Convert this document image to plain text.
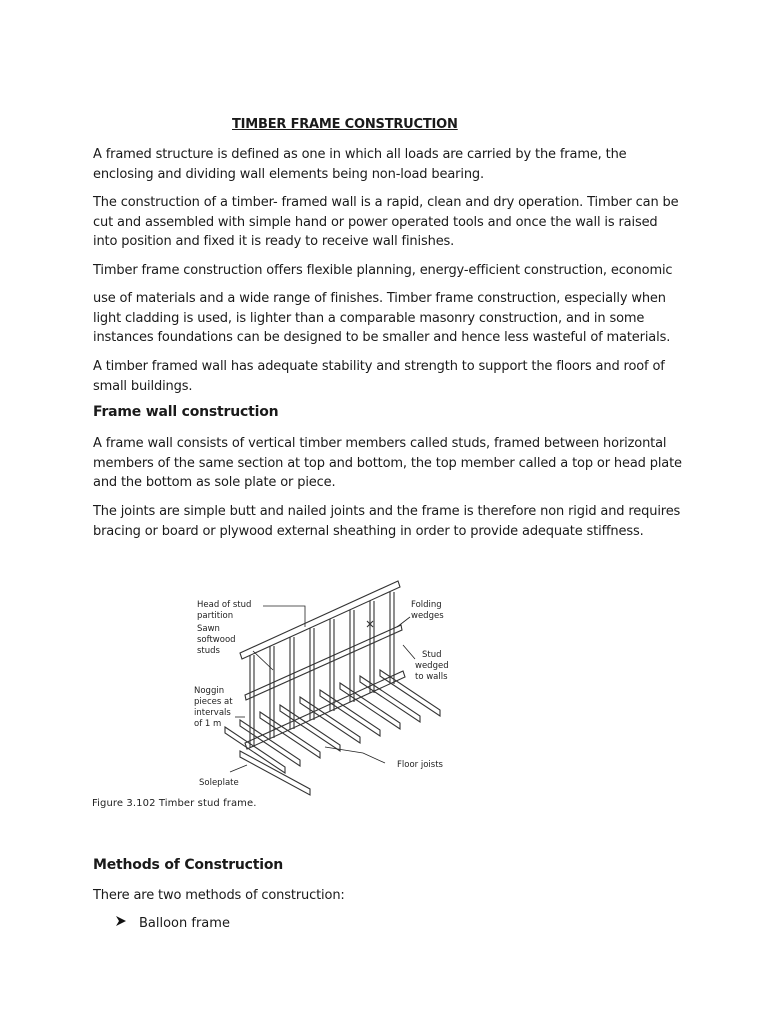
TIMBER FRAME CONSTRUCTION

A framed structure is defined as one in which all loads are carried by the frame, the enclosing and dividing wall elements being non-load bearing.

The construction of a timber- framed wall is a rapid, clean and dry operation. Timber can be cut and assembled with simple hand or power operated tools and once the wall is raised into position and fixed it is ready to receive wall finishes.

Timber frame construction offers flexible planning, energy-efficient construction, economic

use of materials and a wide range of finishes. Timber frame construction, especially when light cladding is used, is lighter than a comparable masonry construction, and in some instances foundations can be designed to be smaller and hence less wasteful of materials.

A timber framed wall has adequate stability and strength to support the floors and roof of small buildings.

Frame wall construction

A frame wall consists of vertical timber members called studs, framed between horizontal members of the same section at top and bottom, the top member called a top or head plate and the bottom as sole plate or piece.

The joints are simple butt and nailed joints and the frame is therefore non rigid and requires bracing or board or plywood external sheathing in order to provide adequate stiffness.

Head of stud
partition
Sawn
softwood
studs
Folding
wedges
Stud
wedged
to walls
Noggin
pieces at
intervals
of 1 m
Soleplate
Floor joists
Figure 3.102 Timber stud frame.
Methods of Construction

There are two methods of construction:

Balloon frame
